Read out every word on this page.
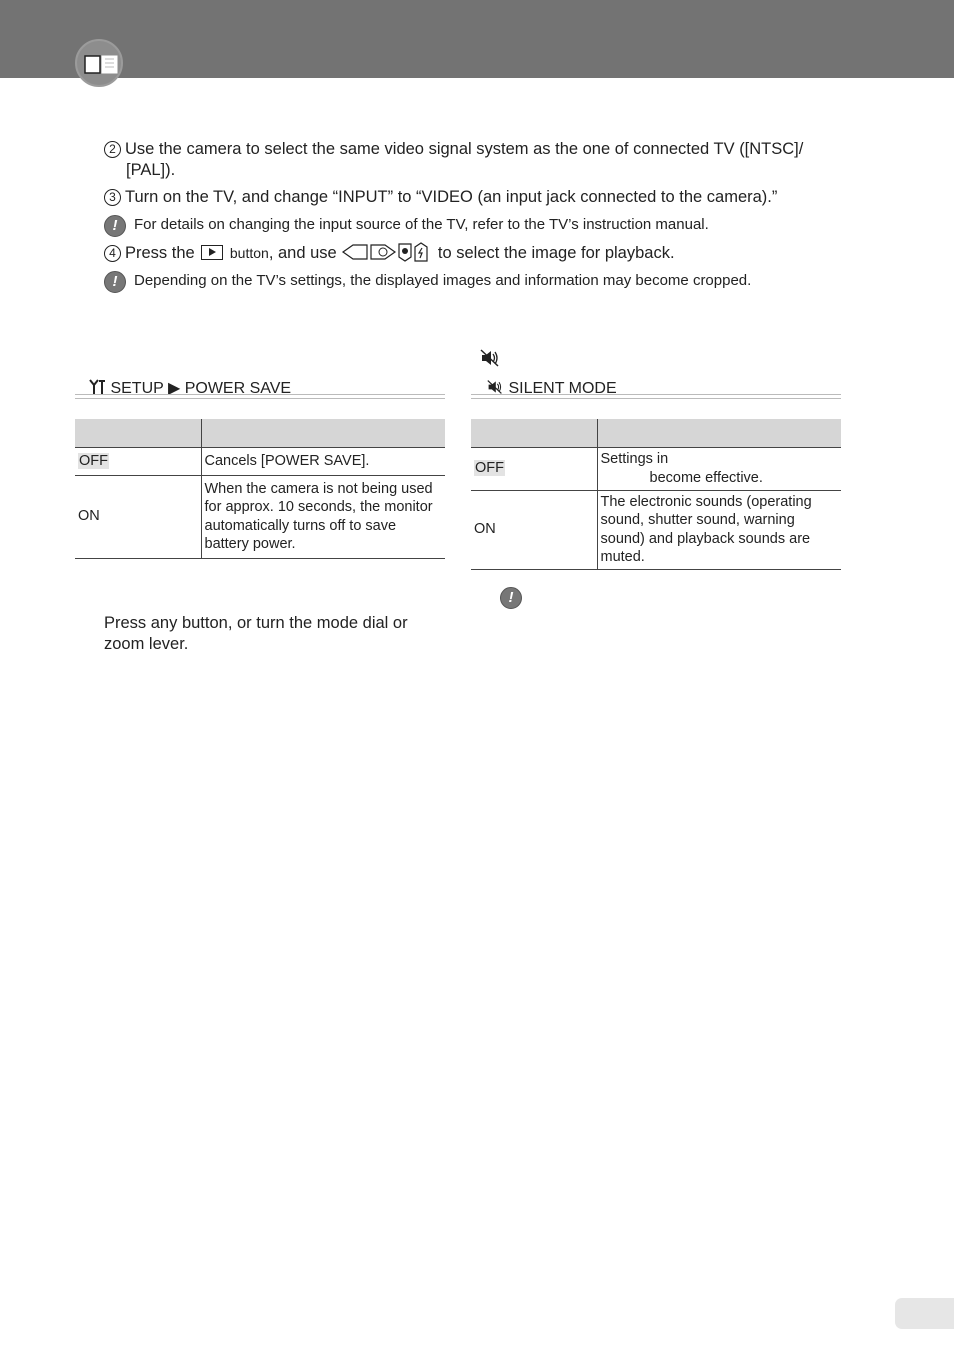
2 Use the camera to select the same video signal system as the one of connected TV ([NTSC]/
[PAL]).
3 Turn on the TV, and change “INPUT” to “VIDEO (an input jack connected to the camera).”
!	For details on changing the input source of the TV, refer to the TV’s instruction manual.
4 Press the	button, and use	to select the image for playback.
!	Depending on the TV’s settings, the displayed images and information may become cropped.
SETUP ▶ POWER SAVE

OFF	Cancels [POWER SAVE].
ON	When the camera is not being used for approx. 10 seconds, the monitor automatically turns off to save battery power.
Press any button, or turn the mode dial or zoom lever.
SILENT MODE

OFF	Settings in
become effective.

ON	The electronic sounds (operating sound, shutter sound, warning sound) and playback sounds are muted.
!
